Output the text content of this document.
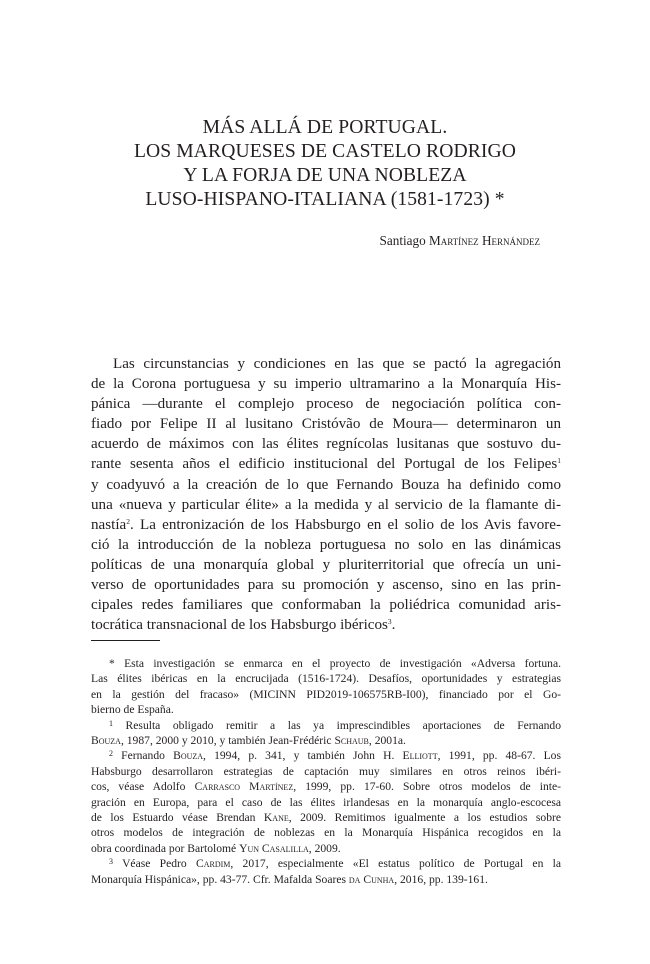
MÁS ALLÁ DE PORTUGAL.
LOS MARQUESES DE CASTELO RODRIGO
Y LA FORJA DE UNA NOBLEZA
LUSO-HISPANO-ITALIANA (1581-1723) *
Santiago Martínez Hernández
Las circunstancias y condiciones en las que se pactó la agregación
de la Corona portuguesa y su imperio ultramarino a la Monarquía His-
pánica —durante el complejo proceso de negociación política con-
fiado por Felipe II al lusitano Cristóvão de Moura— determinaron un
acuerdo de máximos con las élites regnícolas lusitanas que sostuvo du-
rante sesenta años el edificio institucional del Portugal de los Felipes$^1$
y coadyuvó a la creación de lo que Fernando Bouza ha definido como
una «nueva y particular élite» a la medida y al servicio de la flamante di-
nastía$^2$. La entronización de los Habsburgo en el solio de los Avis favore-
ció la introducción de la nobleza portuguesa no solo en las dinámicas
políticas de una monarquía global y pluriterritorial que ofrecía un uni-
verso de oportunidades para su promoción y ascenso, sino en las prin-
cipales redes familiares que conformaban la poliédrica comunidad aris-
tocrática transnacional de los Habsburgo ibéricos$^3$.
* Esta investigación se enmarca en el proyecto de investigación «Adversa fortuna.
Las élites ibéricas en la encrucijada (1516-1724). Desafíos, oportunidades y estrategias
en la gestión del fracaso» (MICINN PID2019-106575RB-I00), financiado por el Go-
bierno de España.
$^1$ Resulta obligado remitir a las ya imprescindibles aportaciones de Fernando
Bouza, 1987, 2000 y 2010, y también Jean-Frédéric Schaub, 2001a.
$^2$ Fernando Bouza, 1994, p. 341, y también John H. Elliott, 1991, pp. 48-67. Los
Habsburgo desarrollaron estrategias de captación muy similares en otros reinos ibéri-
cos, véase Adolfo Carrasco Martínez, 1999, pp. 17-60. Sobre otros modelos de inte-
gración en Europa, para el caso de las élites irlandesas en la monarquía anglo-escocesa
de los Estuardo véase Brendan Kane, 2009. Remitimos igualmente a los estudios sobre
otros modelos de integración de noblezas en la Monarquía Hispánica recogidos en la
obra coordinada por Bartolomé Yun Casalilla, 2009.
$^3$ Véase Pedro Cardim, 2017, especialmente «El estatus político de Portugal en la
Monarquía Hispánica», pp. 43-77. Cfr. Mafalda Soares da Cunha, 2016, pp. 139-161.
